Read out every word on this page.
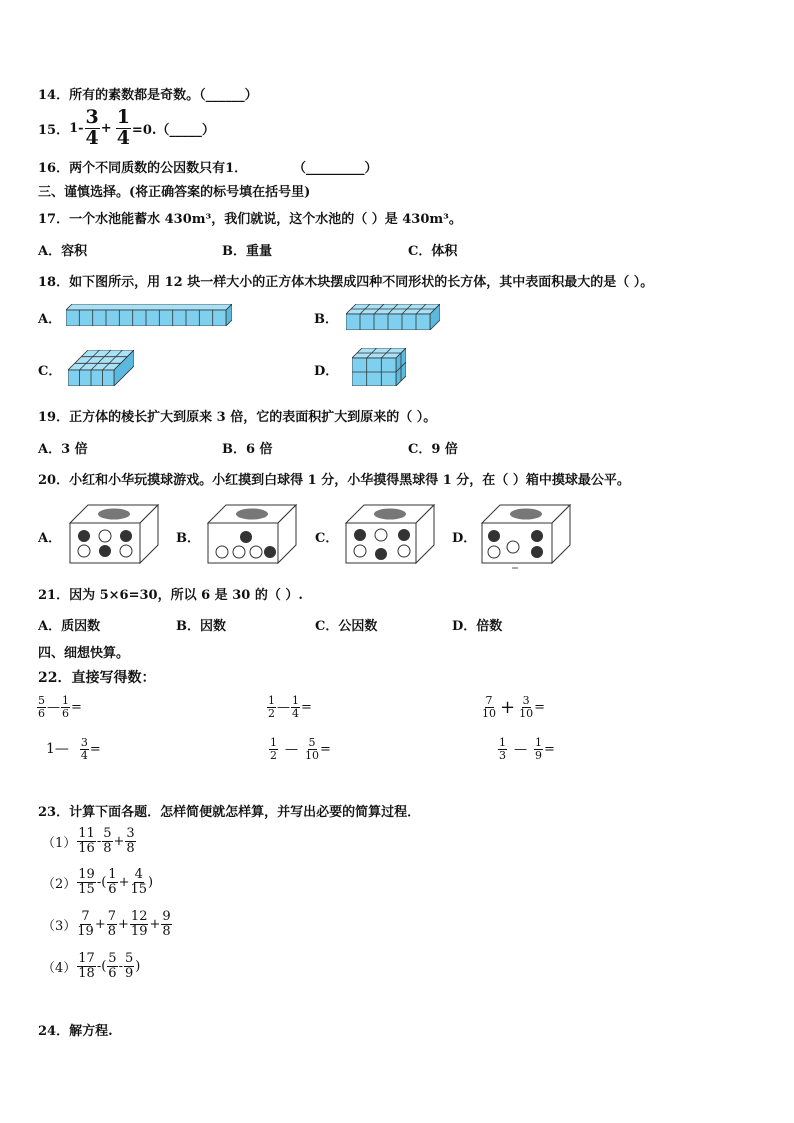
14．所有的素数都是奇数。（______）
15． $1- \frac{3}{4} + \frac{1}{4}$ =0.（_____）
16．两个不同质数的公因数只有1．	（_________）
三、谨慎选择。(将正确答案的标号填在括号里)
17．一个水池能蓄水 430m³，我们就说，这个水池的（ ）是 430m³。
A．容积	B．重量	C．体积
18．如下图所示，用 12 块一样大小的正方体木块摆成四种不同形状的长方体，其中表面积最大的是（ ）。
A．	B．
C．	D．
19．正方体的棱长扩大到原来 3 倍，它的表面积扩大到原来的（ ）。
A．3 倍	B．6 倍	C．9 倍
20．小红和小华玩摸球游戏。小红摸到白球得 1 分，小华摸得黑球得 1 分，在（ ）箱中摸球最公平。
A．	B．	C．	D．
21．因为 5×6=30，所以 6 是 30 的（ ）.
A．质因数	B．因数	C．公因数	D．倍数
四、细想快算。
22．直接写得数：
$\frac{5}{6}$ — $\frac{1}{6}$ =	$\frac{1}{2}$ — $\frac{1}{4}$ =	$\frac{7}{10} + \frac{3}{10}$ =
1— $\frac{3}{4}$ =	$\frac{1}{2}$ — $\frac{5}{10}$ =	$\frac{1}{3}$ — $\frac{1}{9}$ =
23．计算下面各题．怎样简便就怎样算，并写出必要的简算过程．
$(1) \frac{11}{16} - \frac{5}{8} + \frac{3}{8}$
$(2) \frac{19}{15}$ -( $\frac{1}{6} + \frac{4}{15}$ )
$(3) \frac{7}{19} + \frac{7}{8} + \frac{12}{19} + \frac{9}{8}$
$(4) \frac{17}{18}$ -( $\frac{5}{6} - \frac{5}{9}$ )
24．解方程.
